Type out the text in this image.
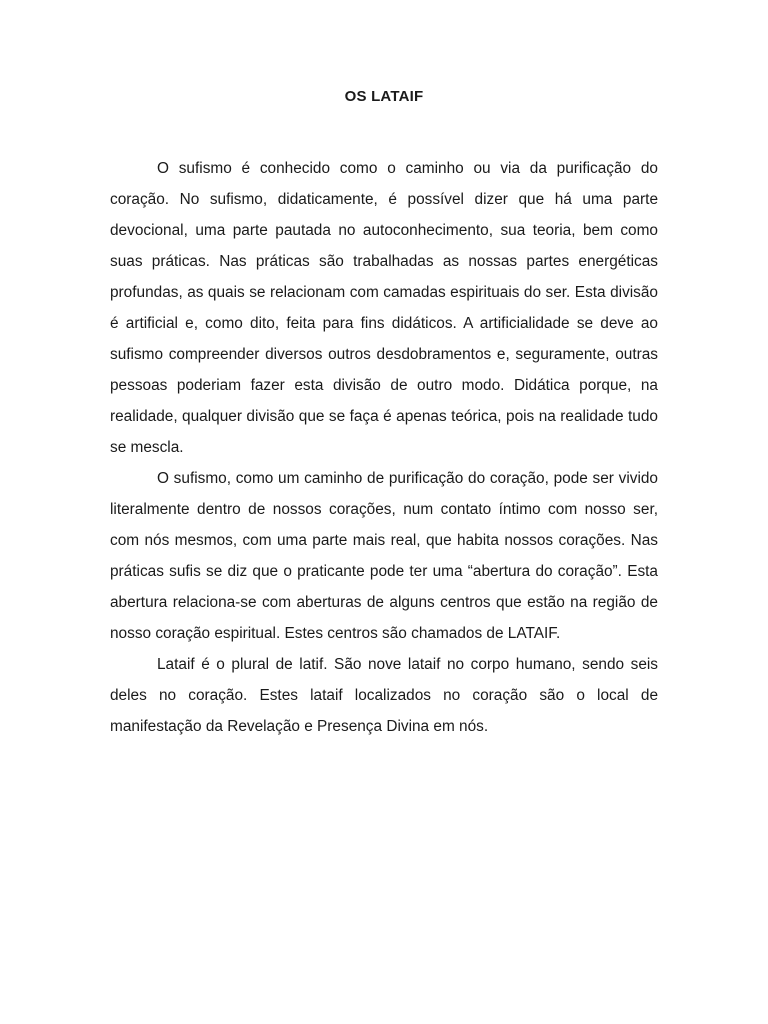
OS LATAIF

O sufismo é conhecido como o caminho ou via da purificação do coração. No sufismo, didaticamente, é possível dizer que há uma parte devocional, uma parte pautada no autoconhecimento, sua teoria, bem como suas práticas. Nas práticas são trabalhadas as nossas partes energéticas profundas, as quais se relacionam com camadas espirituais do ser. Esta divisão é artificial e, como dito, feita para fins didáticos. A artificialidade se deve ao sufismo compreender diversos outros desdobramentos e, seguramente, outras pessoas poderiam fazer esta divisão de outro modo. Didática porque, na realidade, qualquer divisão que se faça é apenas teórica, pois na realidade tudo se mescla.

O sufismo, como um caminho de purificação do coração, pode ser vivido literalmente dentro de nossos corações, num contato íntimo com nosso ser, com nós mesmos, com uma parte mais real, que habita nossos corações. Nas práticas sufis se diz que o praticante pode ter uma “abertura do coração”. Esta abertura relaciona-se com aberturas de alguns centros que estão na região de nosso coração espiritual. Estes centros são chamados de LATAIF.

Lataif é o plural de latif. São nove lataif no corpo humano, sendo seis deles no coração. Estes lataif localizados no coração são o local de manifestação da Revelação e Presença Divina em nós.
